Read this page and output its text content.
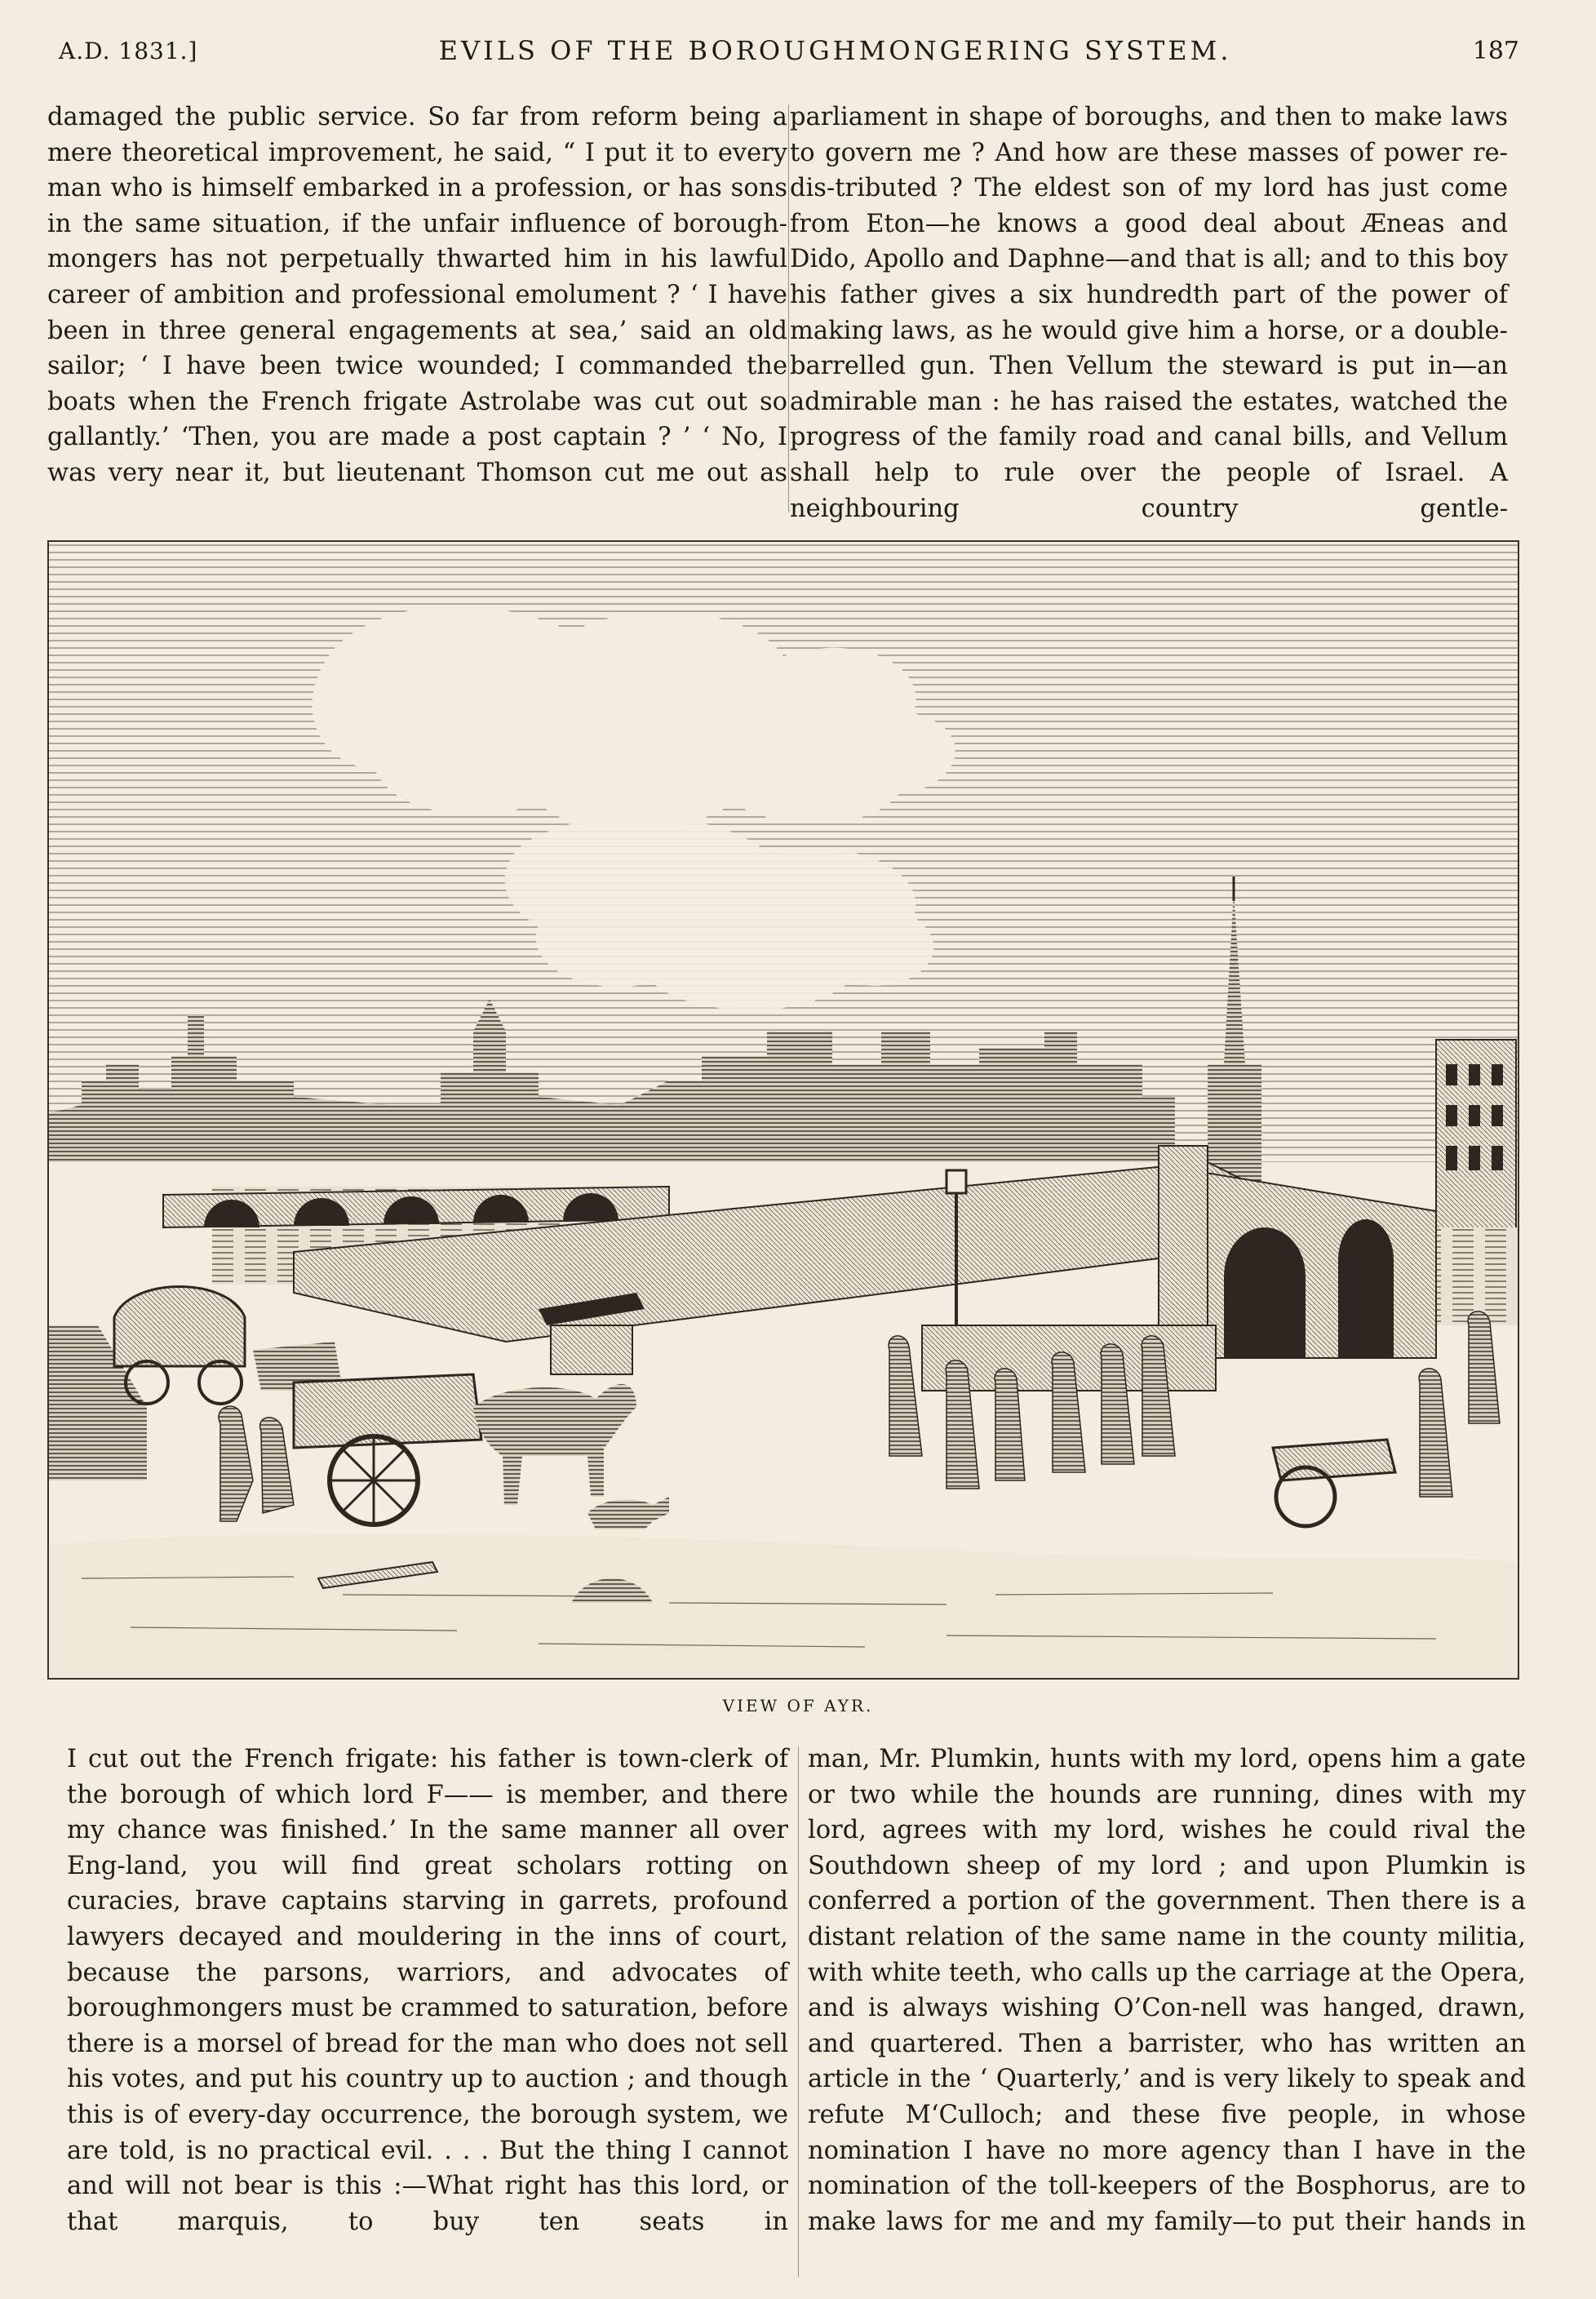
A.D. 1831.]	EVILS OF THE BOROUGHMONGERING SYSTEM.	187

damaged the public service. So far from reform being a mere theoretical improvement, he said, “ I put it to every man who is himself embarked in a profession, or has sons in the same situation, if the unfair influence of borough-mongers has not perpetually thwarted him in his lawful career of ambition and professional emolument ? ‘ I have been in three general engagements at sea,’ said an old sailor; ‘ I have been twice wounded; I commanded the boats when the French frigate Astrolabe was cut out so gallantly.’ ‘Then, you are made a post captain ? ’ ‘ No, I was very near it, but lieutenant Thomson cut me out as

parliament in shape of boroughs, and then to make laws to govern me ? And how are these masses of power re-dis-tributed ? The eldest son of my lord has just come from Eton—he knows a good deal about Æneas and Dido, Apollo and Daphne—and that is all; and to this boy his father gives a six hundredth part of the power of making laws, as he would give him a horse, or a double-barrelled gun. Then Vellum the steward is put in—an admirable man : he has raised the estates, watched the progress of the family road and canal bills, and Vellum shall help to rule over the people of Israel. A neighbouring country gentle-

VIEW OF AYR.

I cut out the French frigate: his father is town-clerk of the borough of which lord F—— is member, and there my chance was finished.’ In the same manner all over Eng-land, you will find great scholars rotting on curacies, brave captains starving in garrets, profound lawyers decayed and mouldering in the inns of court, because the parsons, warriors, and advocates of boroughmongers must be crammed to saturation, before there is a morsel of bread for the man who does not sell his votes, and put his country up to auction ; and though this is of every-day occurrence, the borough system, we are told, is no practical evil. . . . But the thing I cannot and will not bear is this :—What right has this lord, or that marquis, to buy ten seats in

man, Mr. Plumkin, hunts with my lord, opens him a gate or two while the hounds are running, dines with my lord, agrees with my lord, wishes he could rival the Southdown sheep of my lord ; and upon Plumkin is conferred a portion of the government. Then there is a distant relation of the same name in the county militia, with white teeth, who calls up the carriage at the Opera, and is always wishing O’Con-nell was hanged, drawn, and quartered. Then a barrister, who has written an article in the ‘ Quarterly,’ and is very likely to speak and refute M‘Culloch; and these five people, in whose nomination I have no more agency than I have in the nomination of the toll-keepers of the Bosphorus, are to make laws for me and my family—to put their hands in
